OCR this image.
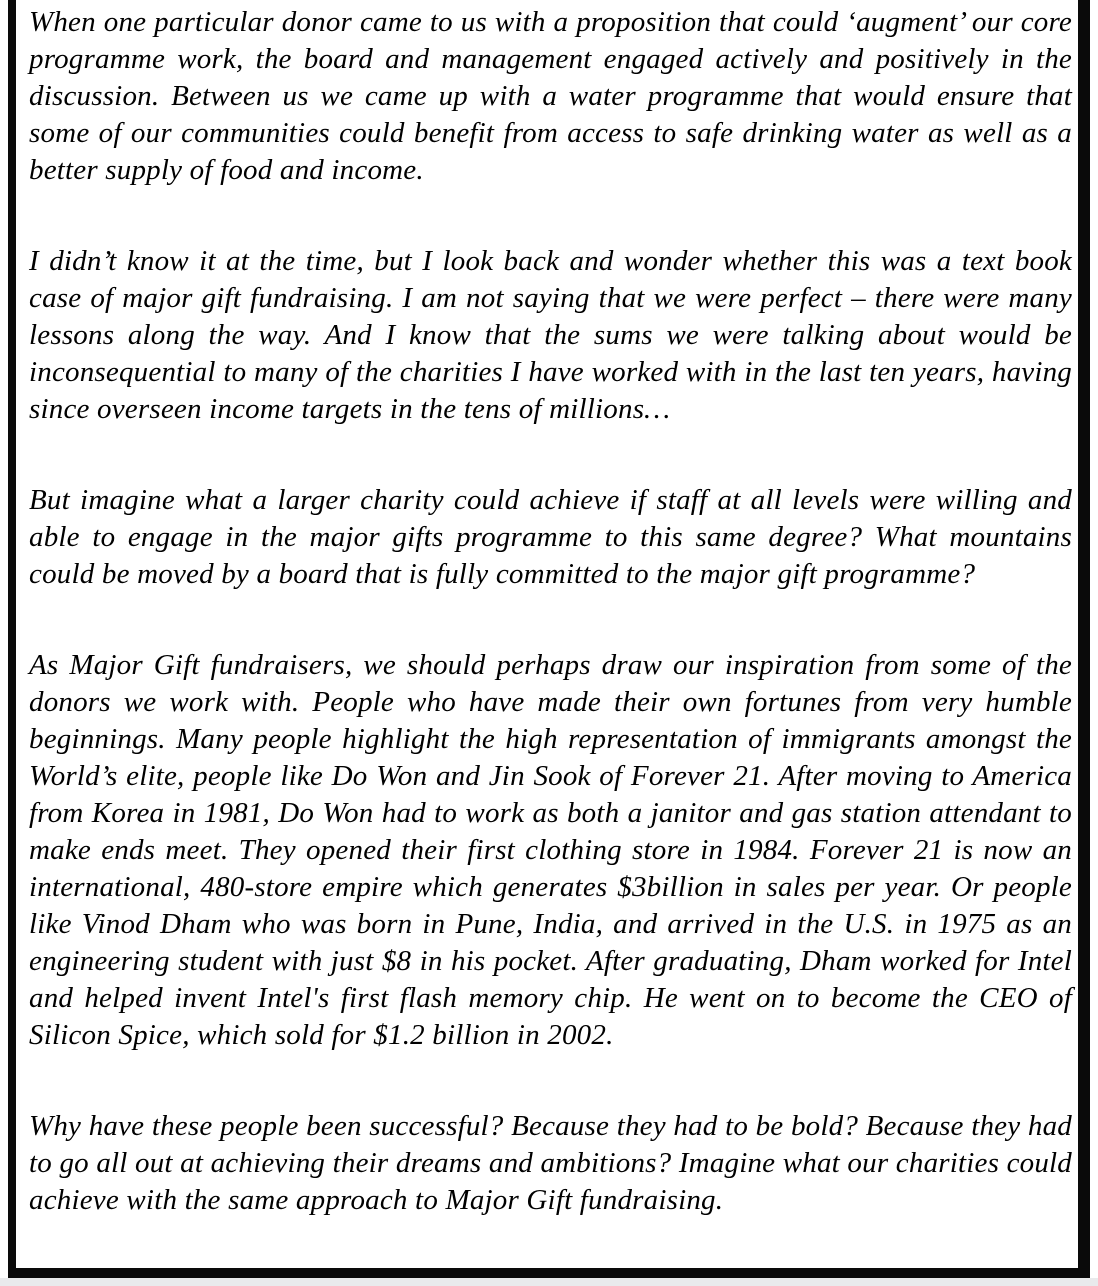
When one particular donor came to us with a proposition that could ‘augment’ our core programme work, the board and management engaged actively and positively in the discussion. Between us we came up with a water programme that would ensure that some of our communities could benefit from access to safe drinking water as well as a better supply of food and income.

I didn’t know it at the time, but I look back and wonder whether this was a text book case of major gift fundraising. I am not saying that we were perfect – there were many lessons along the way. And I know that the sums we were talking about would be inconsequential to many of the charities I have worked with in the last ten years, having since overseen income targets in the tens of millions…

But imagine what a larger charity could achieve if staff at all levels were willing and able to engage in the major gifts programme to this same degree? What mountains could be moved by a board that is fully committed to the major gift programme?

As Major Gift fundraisers, we should perhaps draw our inspiration from some of the donors we work with. People who have made their own fortunes from very humble beginnings. Many people highlight the high representation of immigrants amongst the World’s elite, people like Do Won and Jin Sook of Forever 21. After moving to America from Korea in 1981, Do Won had to work as both a janitor and gas station attendant to make ends meet. They opened their first clothing store in 1984. Forever 21 is now an international, 480-store empire which generates $3billion in sales per year. Or people like Vinod Dham who was born in Pune, India, and arrived in the U.S. in 1975 as an engineering student with just $8 in his pocket. After graduating, Dham worked for Intel and helped invent Intel's first flash memory chip. He went on to become the CEO of Silicon Spice, which sold for $1.2 billion in 2002.

Why have these people been successful? Because they had to be bold? Because they had to go all out at achieving their dreams and ambitions? Imagine what our charities could achieve with the same approach to Major Gift fundraising.
